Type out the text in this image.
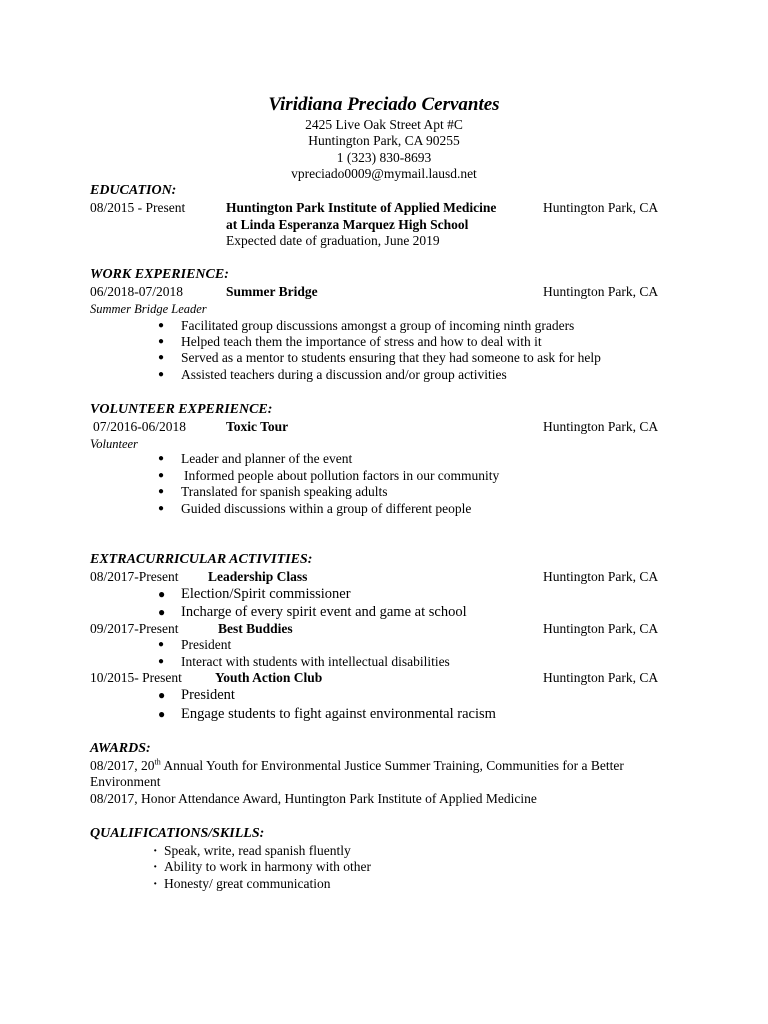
Viridiana Preciado Cervantes
2425 Live Oak Street Apt #C
Huntington Park, CA 90255
1 (323) 830-8693
vpreciado0009@mymail.lausd.net
EDUCATION:
08/2015 - Present	Huntington Park Institute of Applied Medicine	Huntington Park, CA
at Linda Esperanza Marquez High School
Expected date of graduation, June 2019
WORK EXPERIENCE:
06/2018-07/2018	Summer Bridge	Huntington Park, CA
Summer Bridge Leader
● Facilitated group discussions amongst a group of incoming ninth graders
● Helped teach them the importance of stress and how to deal with it
● Served as a mentor to students ensuring that they had someone to ask for help
● Assisted teachers during a discussion and/or group activities
VOLUNTEER EXPERIENCE:
07/2016-06/2018	Toxic Tour	Huntington Park, CA
Volunteer
● Leader and planner of the event
● Informed people about pollution factors in our community
● Translated for spanish speaking adults
● Guided discussions within a group of different people
EXTRACURRICULAR ACTIVITIES:
08/2017-Present Leadership Class	Huntington Park, CA
● Election/Spirit commissioner
● Incharge of every spirit event and game at school
09/2017-Present	Best Buddies	Huntington Park, CA
● President
● Interact with students with intellectual disabilities
10/2015- Present Youth Action Club	Huntington Park, CA
● President
● Engage students to fight against environmental racism
AWARDS:
08/2017, 20th Annual Youth for Environmental Justice Summer Training, Communities for a Better
Environment
08/2017, Honor Attendance Award, Huntington Park Institute of Applied Medicine
QUALIFICATIONS/SKILLS:
· Speak, write, read spanish fluently
· Ability to work in harmony with other
· Honesty/ great communication
